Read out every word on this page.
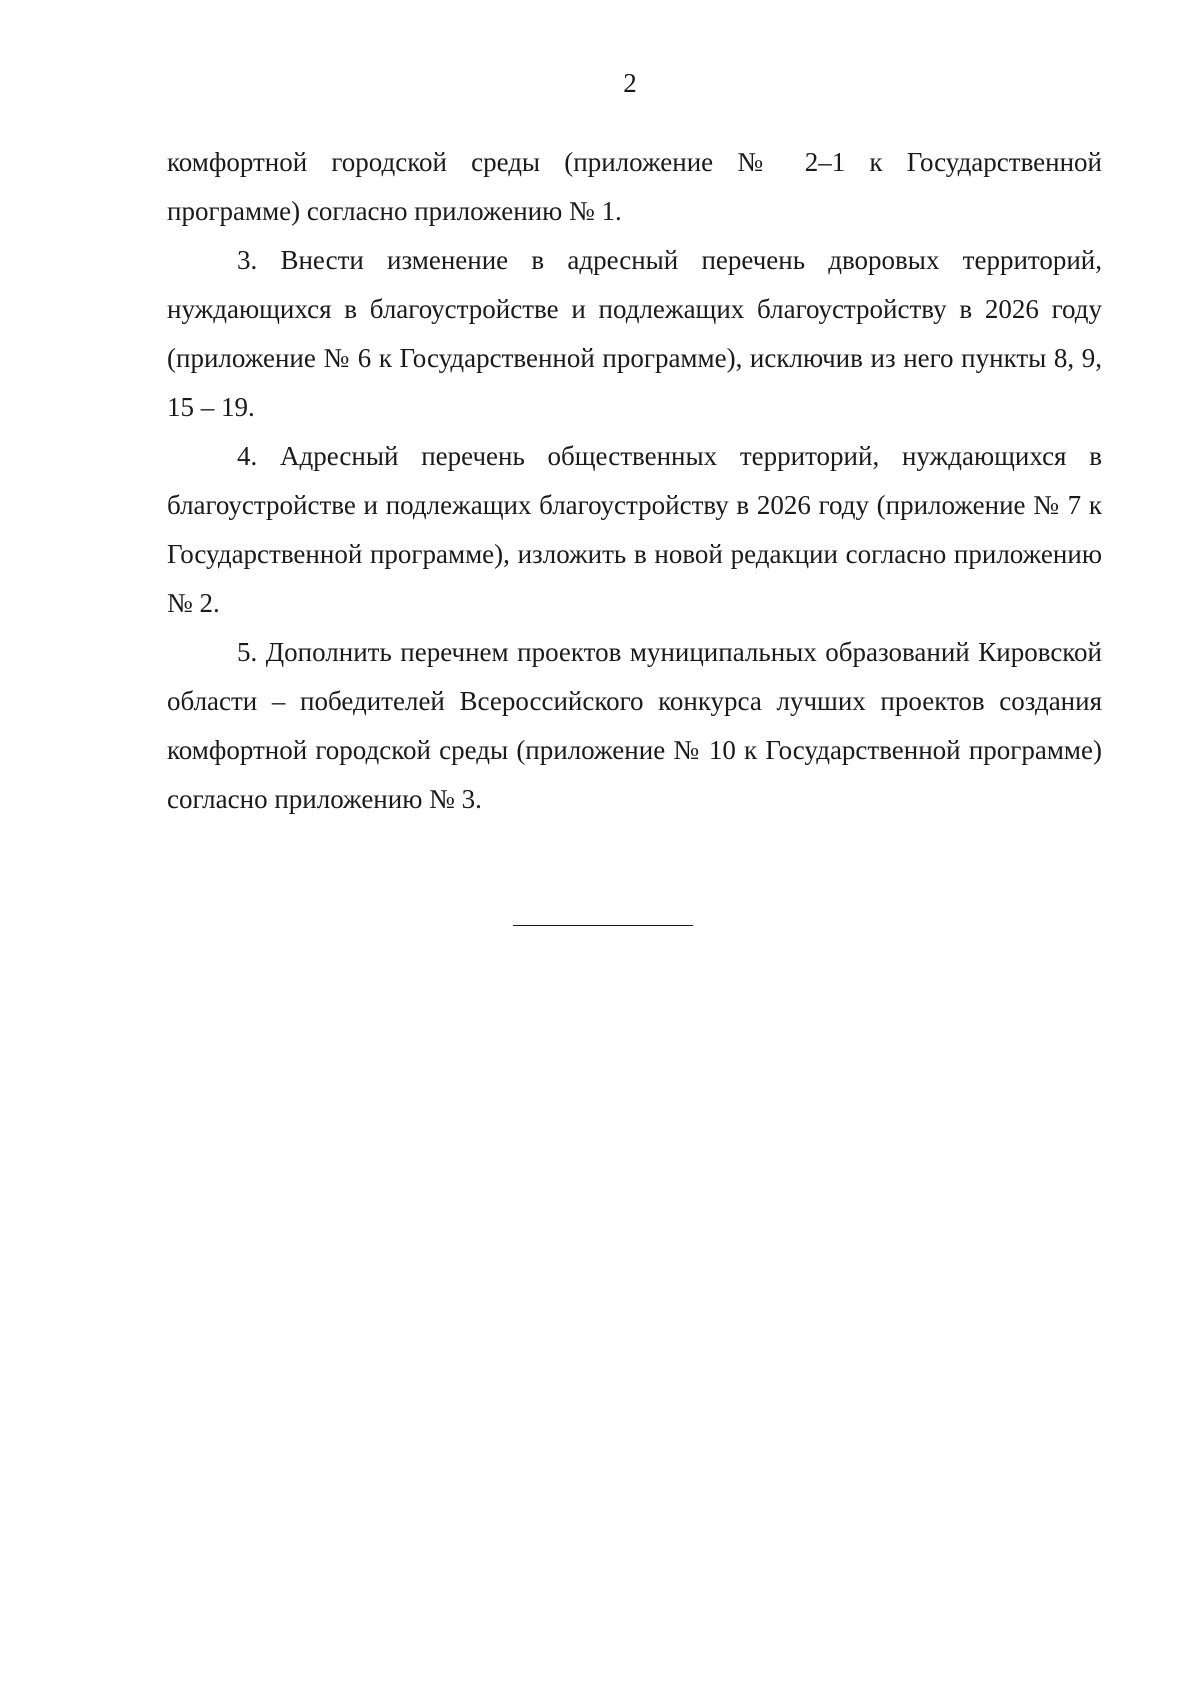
2

комфортной городской среды (приложение № 2–1 к Государственной программе) согласно приложению № 1.

3. Внести изменение в адресный перечень дворовых территорий, нуждающихся в благоустройстве и подлежащих благоустройству в 2026 году (приложение № 6 к Государственной программе), исключив из него пункты 8, 9, 15 – 19.

4. Адресный перечень общественных территорий, нуждающихся в благоустройстве и подлежащих благоустройству в 2026 году (приложение № 7 к Государственной программе), изложить в новой редакции согласно приложению № 2.

5. Дополнить перечнем проектов муниципальных образований Кировской области – победителей Всероссийского конкурса лучших проектов создания комфортной городской среды (приложение № 10 к Государственной программе) согласно приложению № 3.
